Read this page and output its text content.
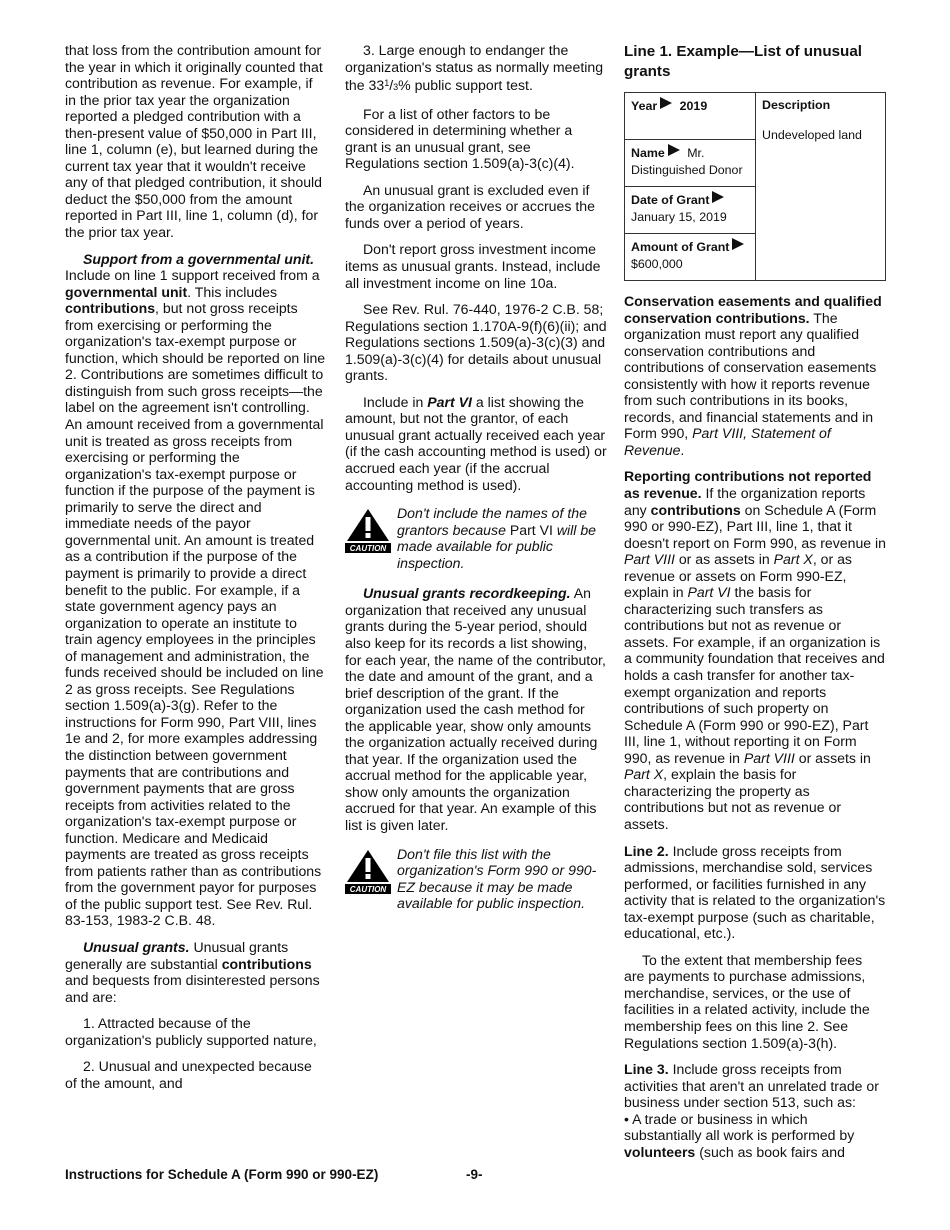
that loss from the contribution amount for the year in which it originally counted that contribution as revenue. For example, if in the prior tax year the organization reported a pledged contribution with a then-present value of $50,000 in Part III, line 1, column (e), but learned during the current tax year that it wouldn't receive any of that pledged contribution, it should deduct the $50,000 from the amount reported in Part III, line 1, column (d), for the prior tax year.

Support from a governmental unit. Include on line 1 support received from a governmental unit. This includes contributions, but not gross receipts from exercising or performing the organization's tax-exempt purpose or function, which should be reported on line 2. Contributions are sometimes difficult to distinguish from such gross receipts—the label on the agreement isn't controlling. An amount received from a governmental unit is treated as gross receipts from exercising or performing the organization's tax-exempt purpose or function if the purpose of the payment is primarily to serve the direct and immediate needs of the payor governmental unit. An amount is treated as a contribution if the purpose of the payment is primarily to provide a direct benefit to the public. For example, if a state government agency pays an organization to operate an institute to train agency employees in the principles of management and administration, the funds received should be included on line 2 as gross receipts. See Regulations section 1.509(a)-3(g). Refer to the instructions for Form 990, Part VIII, lines 1e and 2, for more examples addressing the distinction between government payments that are contributions and government payments that are gross receipts from activities related to the organization's tax-exempt purpose or function. Medicare and Medicaid payments are treated as gross receipts from patients rather than as contributions from the government payor for purposes of the public support test. See Rev. Rul. 83-153, 1983-2 C.B. 48.

Unusual grants. Unusual grants generally are substantial contributions and bequests from disinterested persons and are:

1. Attracted because of the organization's publicly supported nature,

2. Unusual and unexpected because of the amount, and

3. Large enough to endanger the organization's status as normally meeting the $33^1/3\%$ public support test.

For a list of other factors to be considered in determining whether a grant is an unusual grant, see Regulations section 1.509(a)-3(c)(4).

An unusual grant is excluded even if the organization receives or accrues the funds over a period of years.

Don't report gross investment income items as unusual grants. Instead, include all investment income on line 10a.

See Rev. Rul. 76-440, 1976-2 C.B. 58; Regulations section 1.170A-9(f)(6)(ii); and Regulations sections 1.509(a)-3(c)(3) and 1.509(a)-3(c)(4) for details about unusual grants.

Include in Part VI a list showing the amount, but not the grantor, of each unusual grant actually received each year (if the cash accounting method is used) or accrued each year (if the accrual accounting method is used).

CAUTION
Don't include the names of the grantors because Part VI will be made available for public inspection.

Unusual grants recordkeeping. An organization that received any unusual grants during the 5-year period, should also keep for its records a list showing, for each year, the name of the contributor, the date and amount of the grant, and a brief description of the grant. If the organization used the cash method for the applicable year, show only amounts the organization actually received during that year. If the organization used the accrual method for the applicable year, show only amounts the organization accrued for that year. An example of this list is given later.

CAUTION
Don't file this list with the organization's Form 990 or 990-EZ because it may be made available for public inspection.
Line 1. Example—List of unusual grants
Year 2019	Description
Undeveloped land

Name Mr.
Distinguished Donor
Date of Grant
January 15, 2019
Amount of Grant
$600,000

Conservation easements and qualified conservation contributions. The organization must report any qualified conservation contributions and contributions of conservation easements consistently with how it reports revenue from such contributions in its books, records, and financial statements and in Form 990, Part VIII, Statement of Revenue.

Reporting contributions not reported as revenue. If the organization reports any contributions on Schedule A (Form 990 or 990-EZ), Part III, line 1, that it doesn't report on Form 990, as revenue in Part VIII or as assets in Part X, or as revenue or assets on Form 990-EZ, explain in Part VI the basis for characterizing such transfers as contributions but not as revenue or assets. For example, if an organization is a community foundation that receives and holds a cash transfer for another tax-exempt organization and reports contributions of such property on Schedule A (Form 990 or 990-EZ), Part III, line 1, without reporting it on Form 990, as revenue in Part VIII or assets in Part X, explain the basis for characterizing the property as contributions but not as revenue or assets.

Line 2. Include gross receipts from admissions, merchandise sold, services performed, or facilities furnished in any activity that is related to the organization's tax-exempt purpose (such as charitable, educational, etc.).

To the extent that membership fees are payments to purchase admissions, merchandise, services, or the use of facilities in a related activity, include the membership fees on this line 2. See Regulations section 1.509(a)-3(h).

Line 3. Include gross receipts from activities that aren't an unrelated trade or business under section 513, such as:

• A trade or business in which substantially all work is performed by volunteers (such as book fairs and

Instructions for Schedule A (Form 990 or 990-EZ)	-9-
